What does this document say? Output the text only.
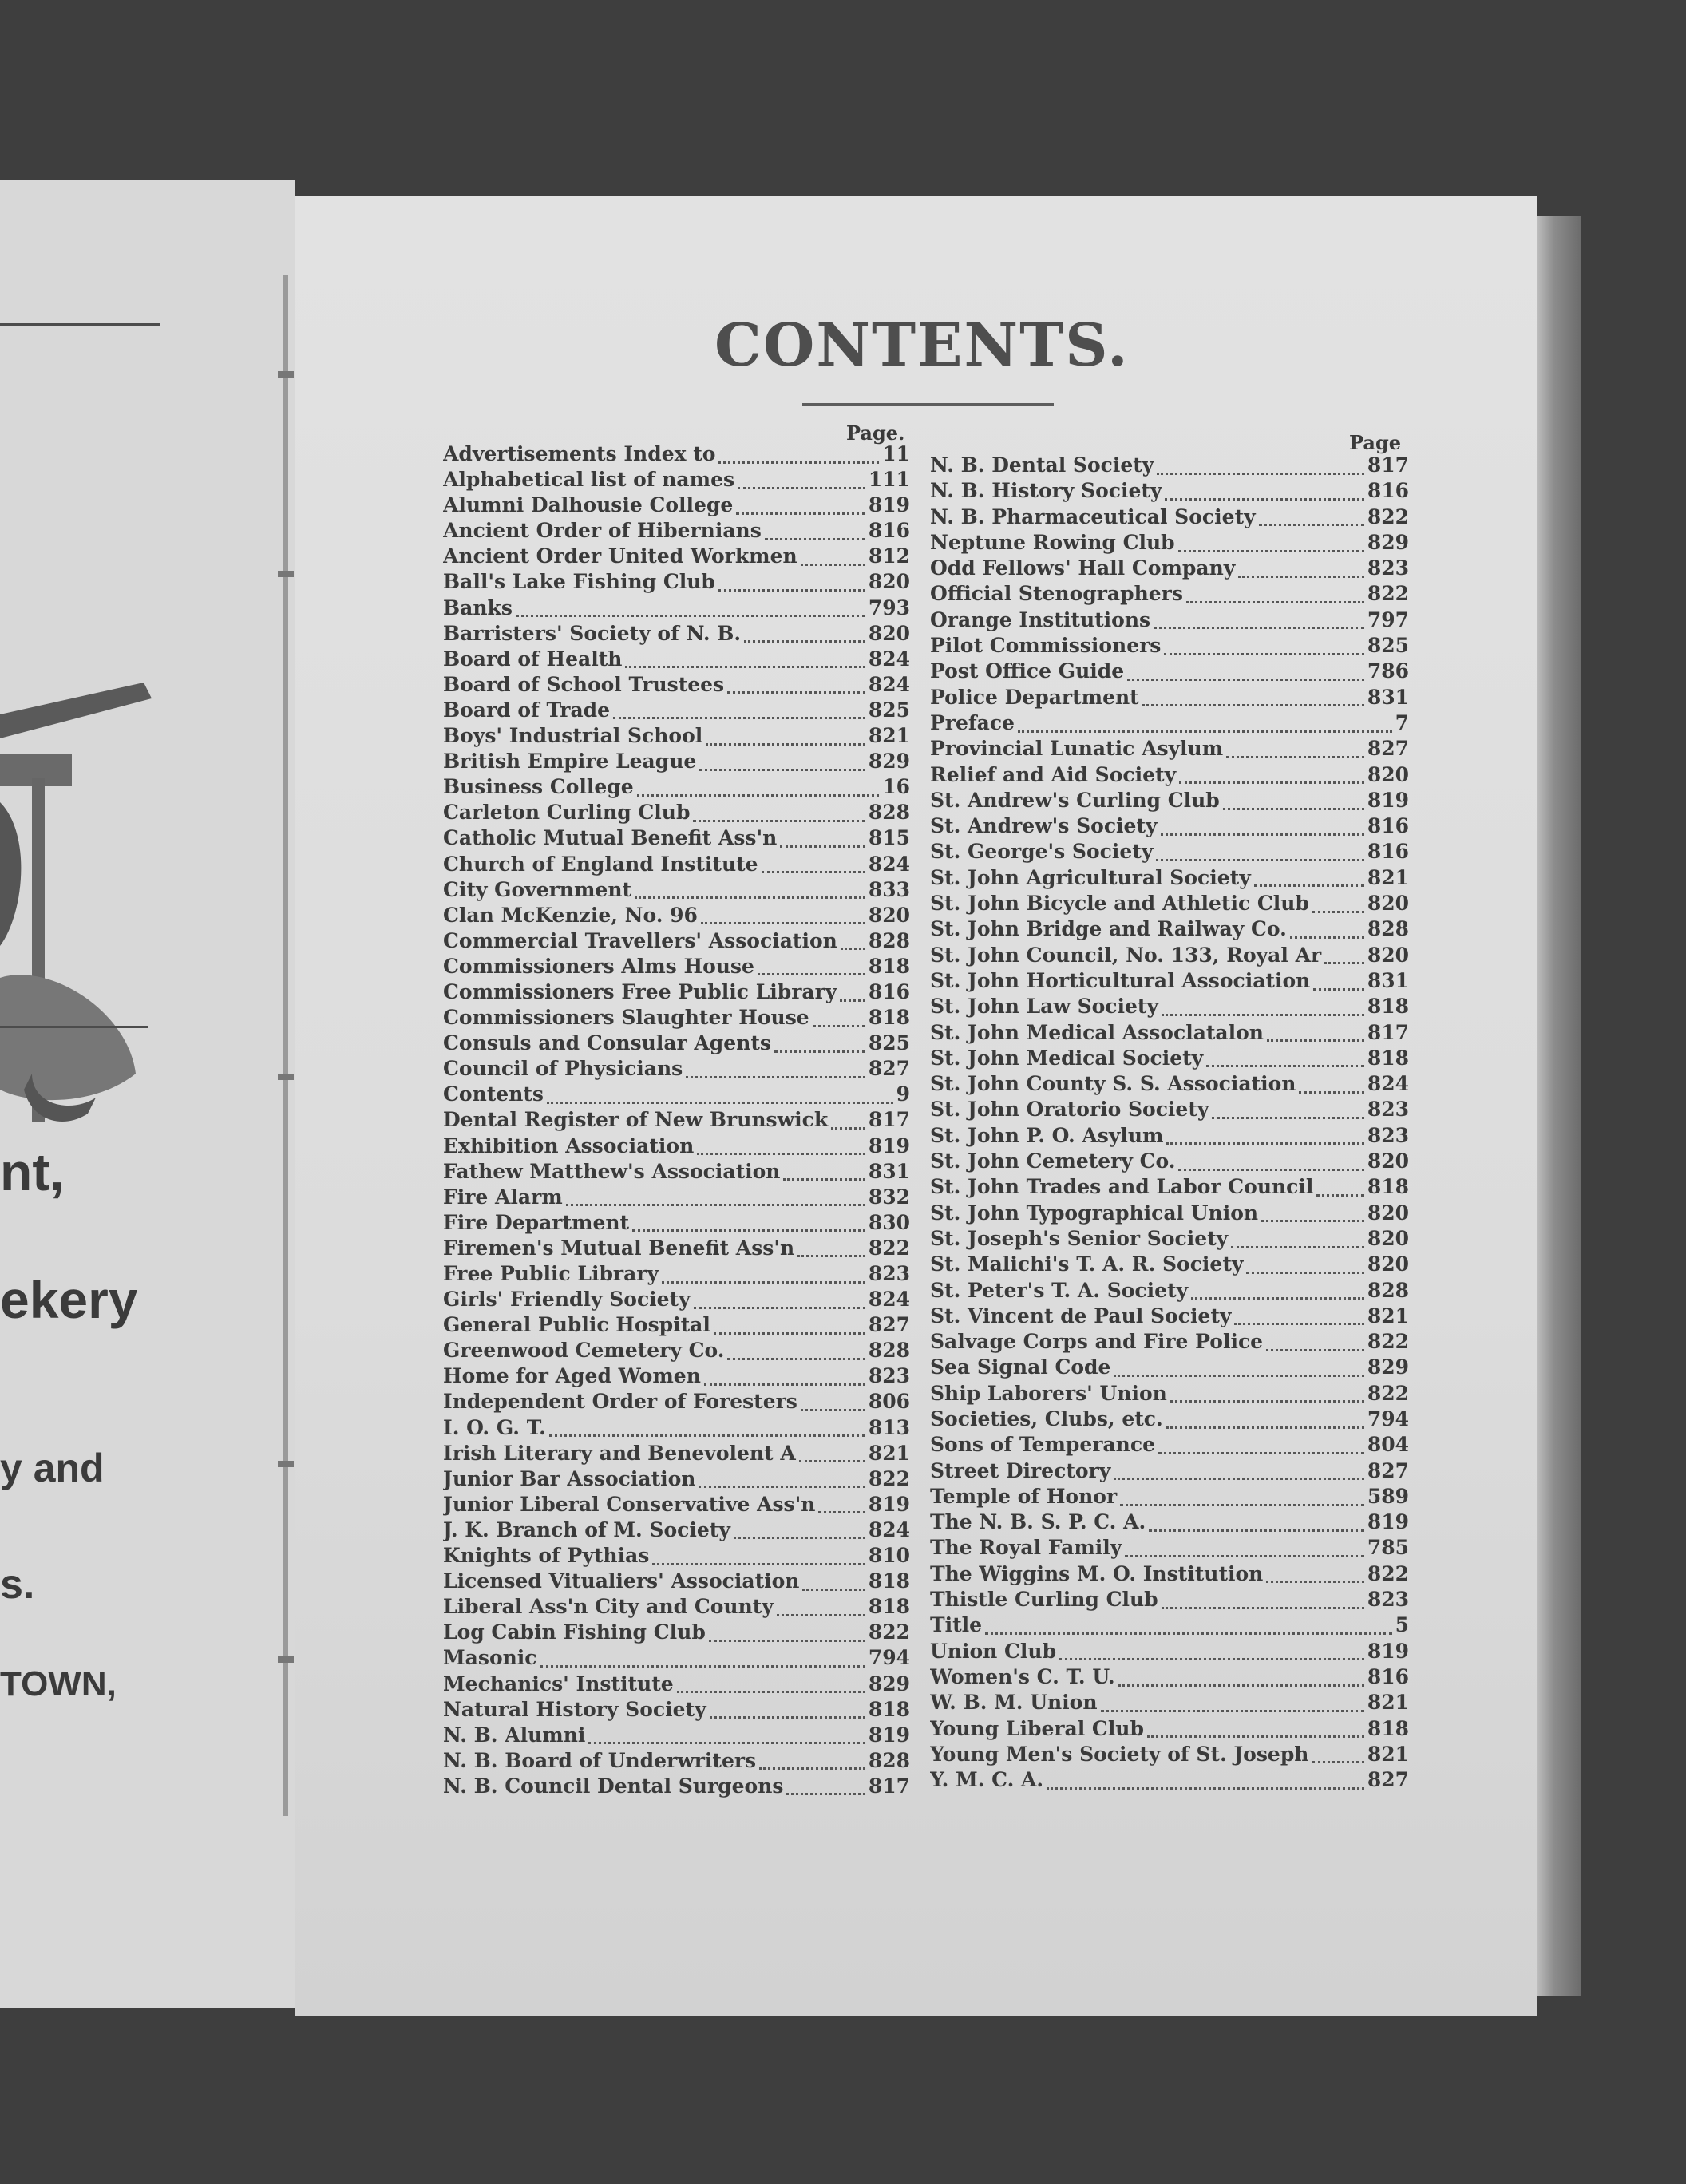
nt,
ekery
y and
s.
TOWN,
CONTENTS.
Page.	Page
Advertisements Index to	11
Alphabetical list of names	111
Alumni Dalhousie College	819
Ancient Order of Hibernians	816
Ancient Order United Workmen	812
Ball's Lake Fishing Club	820
Banks	793
Barristers' Society of N. B.	820
Board of Health	824
Board of School Trustees	824
Board of Trade	825
Boys' Industrial School	821
British Empire League	829
Business College	16
Carleton Curling Club	828
Catholic Mutual Benefit Ass'n	815
Church of England Institute	824
City Government	833
Clan McKenzie, No. 96	820
Commercial Travellers' Association 828
Commissioners Alms House	818
Commissioners Free Public Library 816
Commissioners Slaughter House	818
Consuls and Consular Agents	825
Council of Physicians	827
Contents	9
Dental Register of New Brunswick 817
Exhibition Association	819
Fathew Matthew's Association	831
Fire Alarm	832
Fire Department	830
Firemen's Mutual Benefit Ass'n	822
Free Public Library	823
Girls' Friendly Society	824
General Public Hospital	827
Greenwood Cemetery Co.	828
Home for Aged Women	823
Independent Order of Foresters	806
I. O. G. T.	813
Irish Literary and Benevolent A	821
Junior Bar Association	822
Junior Liberal Conservative Ass'n	819
J. K. Branch of M. Society	824
Knights of Pythias	810
Licensed Vitualiers' Association	818
Liberal Ass'n City and County	818
Log Cabin Fishing Club	822
Masonic	794
Mechanics' Institute	829
Natural History Society	818
N. B. Alumni	819
N. B. Board of Underwriters	828
N. B. Council Dental Surgeons	817
N. B. Dental Society	817
N. B. History Society	816
N. B. Pharmaceutical Society	822
Neptune Rowing Club	829
Odd Fellows' Hall Company	823
Official Stenographers	822
Orange Institutions	797
Pilot Commissioners	825
Post Office Guide	786
Police Department	831
Preface	7
Provincial Lunatic Asylum	827
Relief and Aid Society	820
St. Andrew's Curling Club	819
St. Andrew's Society	816
St. George's Society	816
St. John Agricultural Society	821
St. John Bicycle and Athletic Club	820
St. John Bridge and Railway Co.	828
St. John Council, No. 133, Royal Ar 820
St. John Horticultural Association	831
St. John Law Society	818
St. John Medical Assoclatalon	817
St. John Medical Society	818
St. John County S. S. Association	824
St. John Oratorio Society	823
St. John P. O. Asylum	823
St. John Cemetery Co.	820
St. John Trades and Labor Council	818
St. John Typographical Union	820
St. Joseph's Senior Society	820
St. Malichi's T. A. R. Society	820
St. Peter's T. A. Society	828
St. Vincent de Paul Society	821
Salvage Corps and Fire Police	822
Sea Signal Code	829
Ship Laborers' Union	822
Societies, Clubs, etc.	794
Sons of Temperance	804
Street Directory	827
Temple of Honor	589
The N. B. S. P. C. A.	819
The Royal Family	785
The Wiggins M. O. Institution	822
Thistle Curling Club	823
Title	5
Union Club	819
Women's C. T. U.	816
W. B. M. Union	821
Young Liberal Club	818
Young Men's Society of St. Joseph	821
Y. M. C. A.	827
